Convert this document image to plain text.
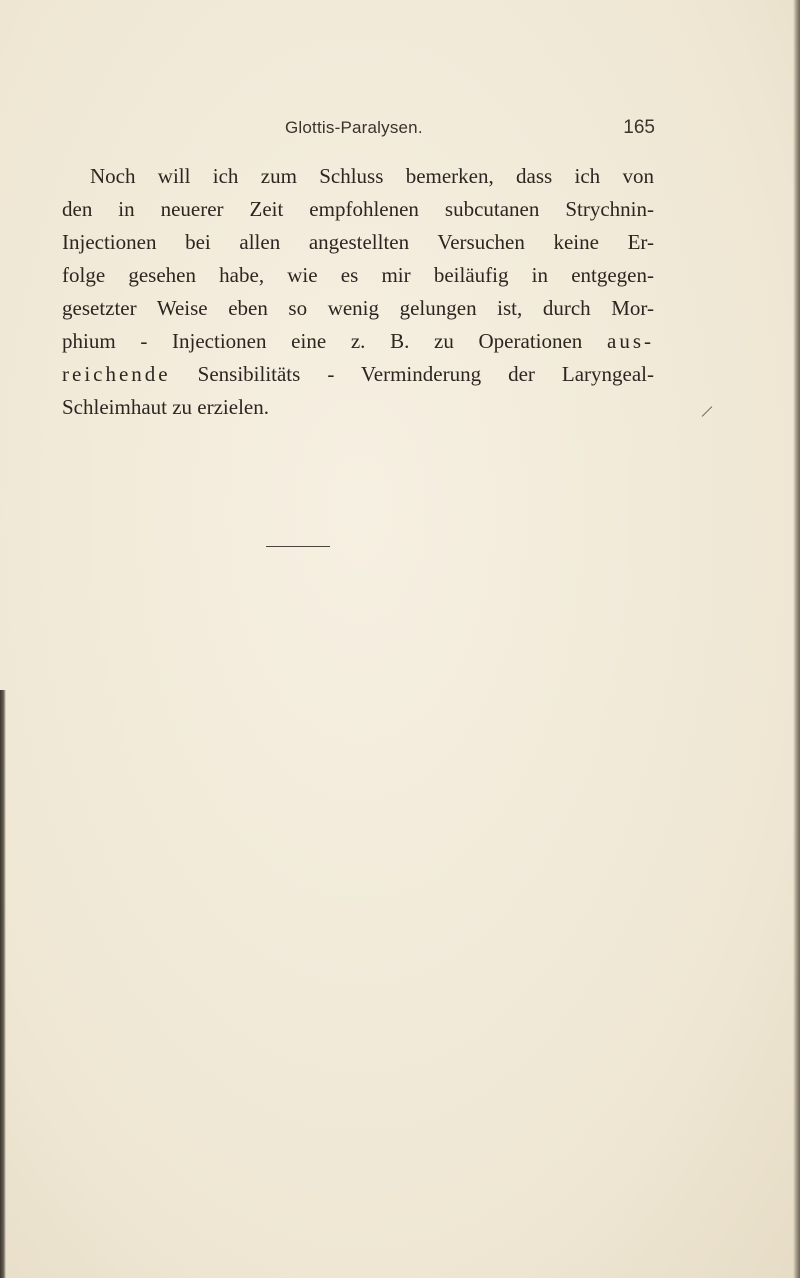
Glottis-Paralysen.	165
Noch will ich zum Schluss bemerken, dass ich von
den in neuerer Zeit empfohlenen subcutanen Strychnin-
Injectionen bei allen angestellten Versuchen keine Er-
folge gesehen habe, wie es mir beiläufig in entgegen-
gesetzter Weise eben so wenig gelungen ist, durch Mor-
phium - Injectionen eine z. B. zu Operationen aus-
reichende Sensibilitäts - Verminderung der Laryngeal-
Schleimhaut zu erzielen.
